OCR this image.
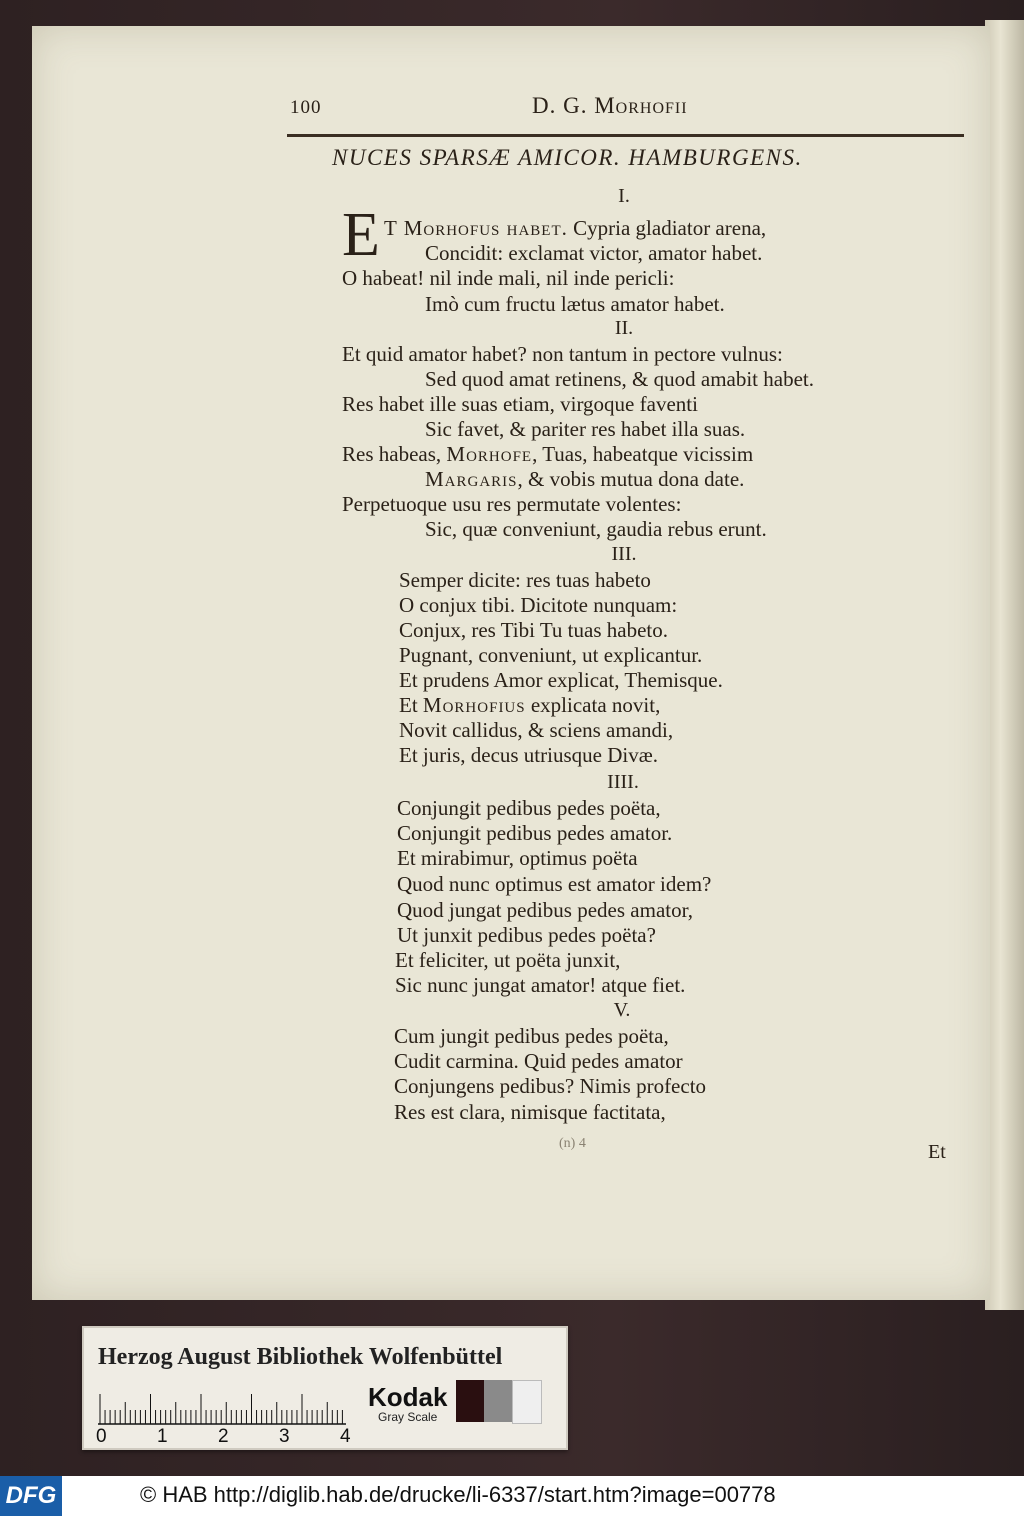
100	D. G. Morhofii
NUCES SPARSÆ AMICOR. HAMBURGENS.
I.
E T Morhofus habet. Cypria gladiator arena,
Concidit: exclamat victor, amator habet.
O habeat! nil inde mali, nil inde pericli:
Imò cum fructu lætus amator habet.
II.
Et quid amator habet? non tantum in pectore vulnus:
Sed quod amat retinens, & quod amabit habet.
Res habet ille suas etiam, virgoque faventi
Sic favet, & pariter res habet illa suas.
Res habeas, Morhofe, Tuas, habeatque vicissim
Margaris, & vobis mutua dona date.
Perpetuoque usu res permutate volentes:
Sic, quæ conveniunt, gaudia rebus erunt.
III.
Semper dicite: res tuas habeto
O conjux tibi. Dicitote nunquam:
Conjux, res Tibi Tu tuas habeto.
Pugnant, conveniunt, ut explicantur.
Et prudens Amor explicat, Themisque.
Et Morhofius explicata novit,
Novit callidus, & sciens amandi,
Et juris, decus utriusque Divæ.
IIII.
Conjungit pedibus pedes poëta,
Conjungit pedibus pedes amator.
Et mirabimur, optimus poëta
Quod nunc optimus est amator idem?
Quod jungat pedibus pedes amator,
Ut junxit pedibus pedes poëta?
Et feliciter, ut poëta junxit,
Sic nunc jungat amator! atque fiet.
V.
Cum jungit pedibus pedes poëta,
Cudit carmina. Quid pedes amator
Conjungens pedibus? Nimis profecto
Res est clara, nimisque factitata,
(n) 4	Et
Herzog August Bibliothek Wolfenbüttel
0	1	2	3	4
Kodak
Gray Scale
DFG	© HAB http://diglib.hab.de/drucke/li-6337/start.htm?image=00778
